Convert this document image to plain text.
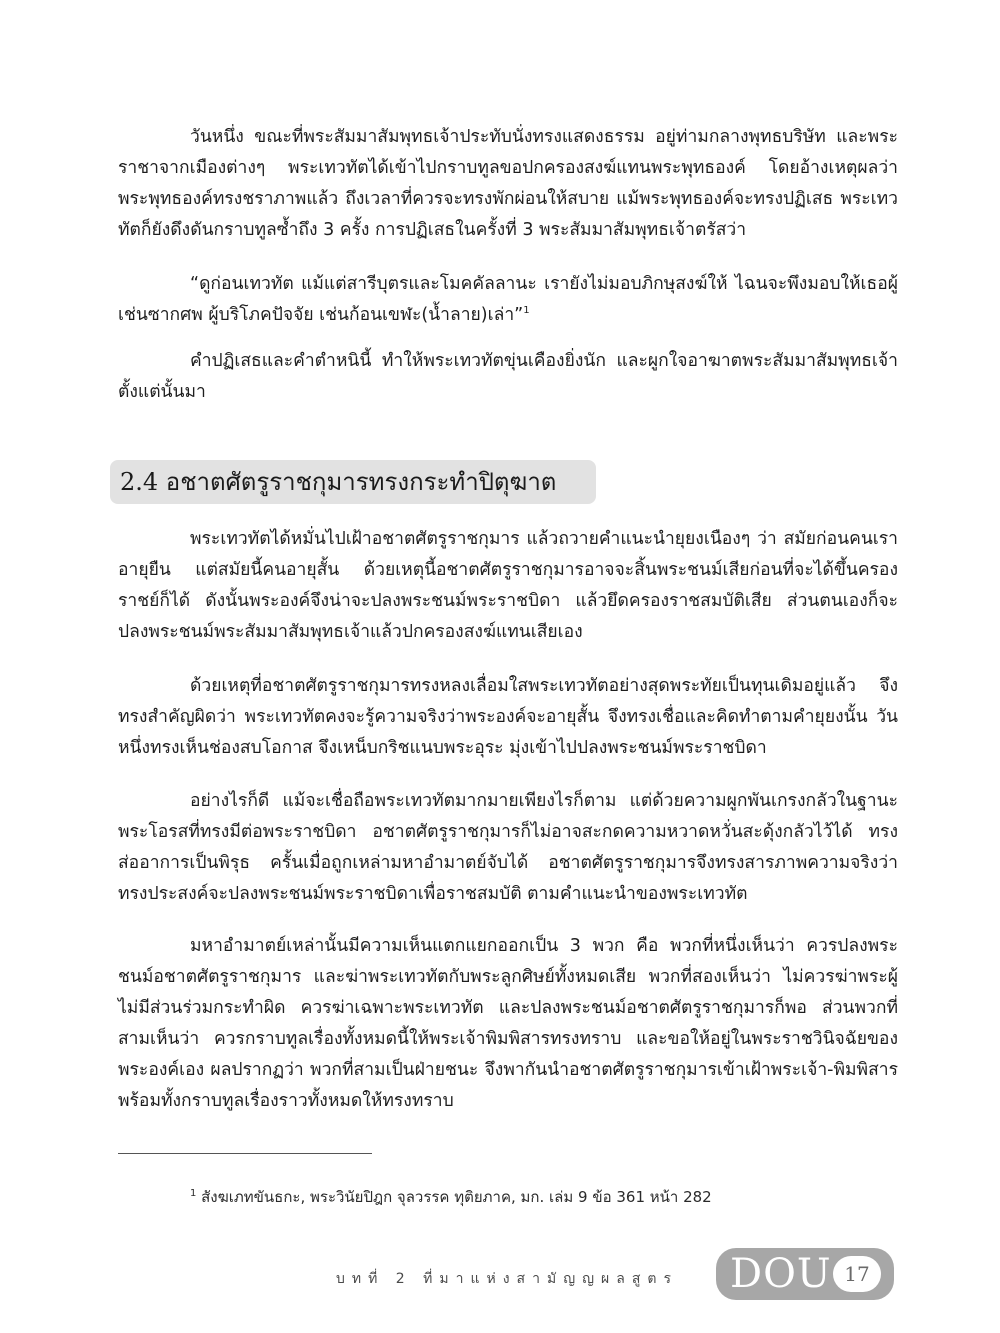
วันหนึ่ง ขณะที่พระสัมมาสัมพุทธเจ้าประทับนั่งทรงแสดงธรรม อยู่ท่ามกลางพุทธบริษัท และพระราชาจากเมืองต่างๆ พระเทวทัตได้เข้าไปกราบทูลขอปกครองสงฆ์แทนพระพุทธองค์ โดยอ้างเหตุผลว่าพระพุทธองค์ทรงชราภาพแล้ว ถึงเวลาที่ควรจะทรงพักผ่อนให้สบาย แม้พระพุทธองค์จะทรงปฏิเสธ พระเทวทัตก็ยังดึงดันกราบทูลซ้ำถึง 3 ครั้ง การปฏิเสธในครั้งที่ 3 พระสัมมาสัมพุทธเจ้าตรัสว่า

“ดูก่อนเทวทัต แม้แต่สารีบุตรและโมคคัลลานะ เรายังไม่มอบภิกษุสงฆ์ให้ ไฉนจะพึงมอบให้เธอผู้เช่นซากศพ ผู้บริโภคปัจจัย เช่นก้อนเขฬะ(น้ำลาย)เล่า”$^1$

คำปฏิเสธและคำตำหนินี้ ทำให้พระเทวทัตขุ่นเคืองยิ่งนัก และผูกใจอาฆาตพระสัมมาสัมพุทธเจ้าตั้งแต่นั้นมา

2.4 อชาตศัตรูราชกุมารทรงกระทำปิตุฆาต

พระเทวทัตได้หมั่นไปเฝ้าอชาตศัตรูราชกุมาร แล้วถวายคำแนะนำยุยงเนืองๆ ว่า สมัยก่อนคนเราอายุยืน แต่สมัยนี้คนอายุสั้น ด้วยเหตุนี้อชาตศัตรูราชกุมารอาจจะสิ้นพระชนม์เสียก่อนที่จะได้ขึ้นครองราชย์ก็ได้ ดังนั้นพระองค์จึงน่าจะปลงพระชนม์พระราชบิดา แล้วยึดครองราชสมบัติเสีย ส่วนตนเองก็จะปลงพระชนม์พระสัมมาสัมพุทธเจ้าแล้วปกครองสงฆ์แทนเสียเอง

ด้วยเหตุที่อชาตศัตรูราชกุมารทรงหลงเลื่อมใสพระเทวทัตอย่างสุดพระทัยเป็นทุนเดิมอยู่แล้ว จึงทรงสำคัญผิดว่า พระเทวทัตคงจะรู้ความจริงว่าพระองค์จะอายุสั้น จึงทรงเชื่อและคิดทำตามคำยุยงนั้น วันหนึ่งทรงเห็นช่องสบโอกาส จึงเหน็บกริชแนบพระอุระ มุ่งเข้าไปปลงพระชนม์พระราชบิดา

อย่างไรก็ดี แม้จะเชื่อถือพระเทวทัตมากมายเพียงไรก็ตาม แต่ด้วยความผูกพันเกรงกลัวในฐานะพระโอรสที่ทรงมีต่อพระราชบิดา อชาตศัตรูราชกุมารก็ไม่อาจสะกดความหวาดหวั่นสะดุ้งกลัวไว้ได้ ทรงส่ออาการเป็นพิรุธ ครั้นเมื่อถูกเหล่ามหาอำมาตย์จับได้ อชาตศัตรูราชกุมารจึงทรงสารภาพความจริงว่าทรงประสงค์จะปลงพระชนม์พระราชบิดาเพื่อราชสมบัติ ตามคำแนะนำของพระเทวทัต

มหาอำมาตย์เหล่านั้นมีความเห็นแตกแยกออกเป็น 3 พวก คือ พวกที่หนึ่งเห็นว่า ควรปลงพระชนม์อชาตศัตรูราชกุมาร และฆ่าพระเทวทัตกับพระลูกศิษย์ทั้งหมดเสีย พวกที่สองเห็นว่า ไม่ควรฆ่าพระผู้ไม่มีส่วนร่วมกระทำผิด ควรฆ่าเฉพาะพระเทวทัต และปลงพระชนม์อชาตศัตรูราชกุมารก็พอ ส่วนพวกที่สามเห็นว่า ควรกราบทูลเรื่องทั้งหมดนี้ให้พระเจ้าพิมพิสารทรงทราบ และขอให้อยู่ในพระราชวินิจฉัยของพระองค์เอง ผลปรากฏว่า พวกที่สามเป็นฝ่ายชนะ จึงพากันนำอชาตศัตรูราชกุมารเข้าเฝ้าพระเจ้า-พิมพิสาร พร้อมทั้งกราบทูลเรื่องราวทั้งหมดให้ทรงทราบ

$^1$ สังฆเภทขันธกะ, พระวินัยปิฎก จุลวรรค ทุติยภาค, มก. เล่ม 9 ข้อ 361 หน้า 282

บทที่ 2 ที่มาแห่งสามัญญผลสูตร DOU 17
